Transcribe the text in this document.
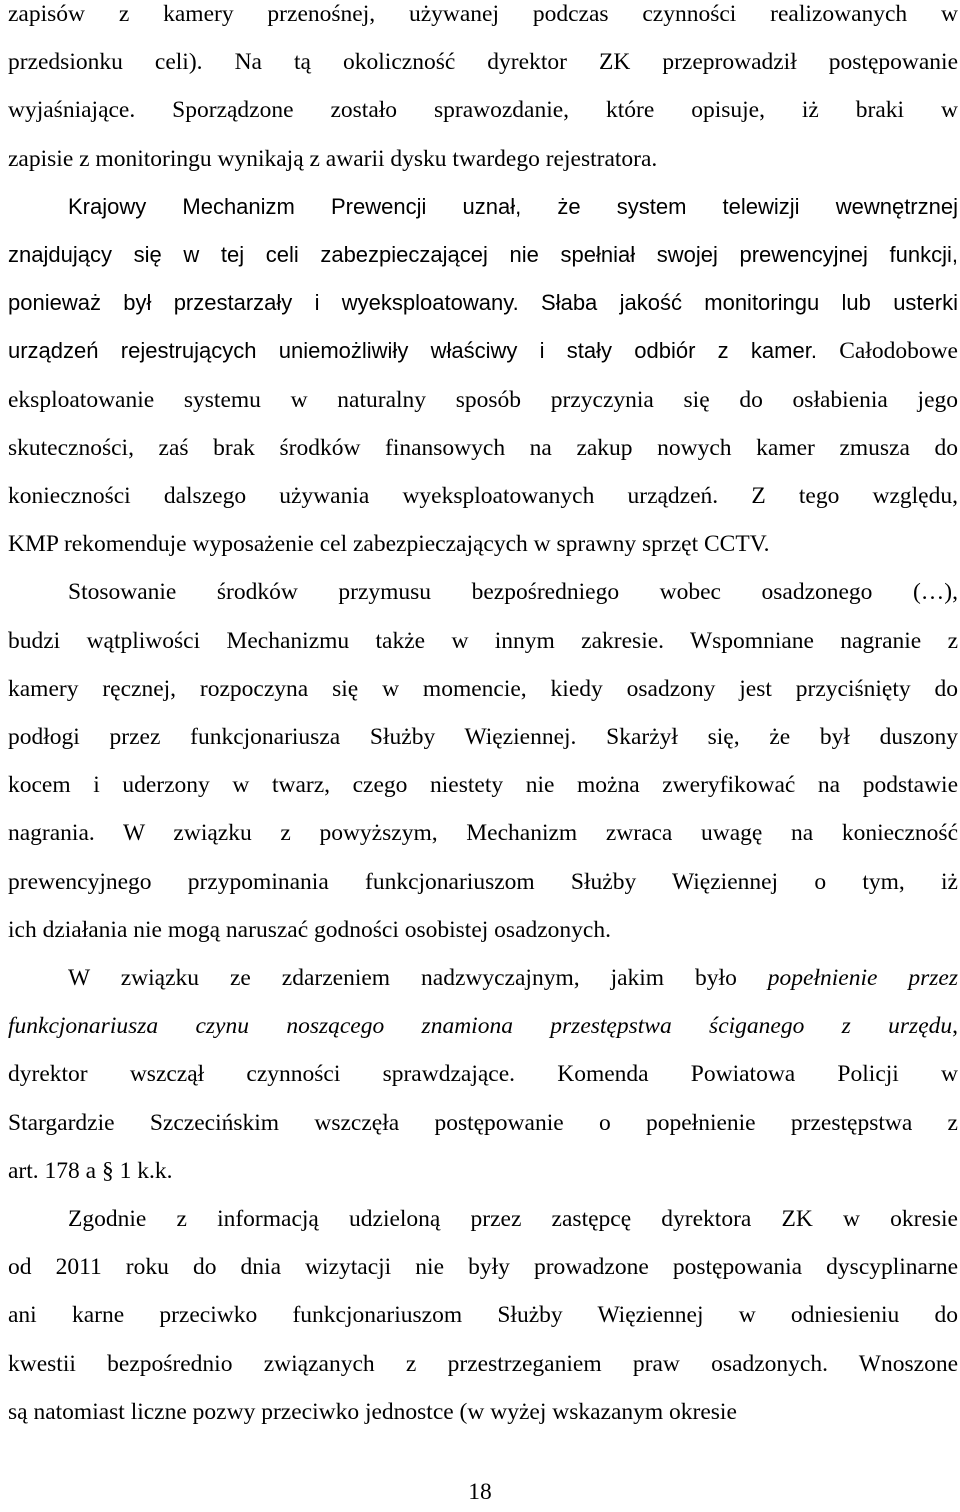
zapisów z kamery przenośnej, używanej podczas czynności realizowanych w
przedsionku celi). Na tą okoliczność dyrektor ZK przeprowadził postępowanie
wyjaśniające. Sporządzone zostało sprawozdanie, które opisuje, iż braki w
zapisie z monitoringu wynikają z awarii dysku twardego rejestratora.
Krajowy Mechanizm Prewencji uznał, że system telewizji wewnętrznej
znajdujący się w tej celi zabezpieczającej nie spełniał swojej prewencyjnej funkcji,
ponieważ był przestarzały i wyeksploatowany. Słaba jakość monitoringu lub usterki
urządzeń rejestrujących uniemożliwiły właściwy i stały odbiór z kamer. Całodobowe
eksploatowanie systemu w naturalny sposób przyczynia się do osłabienia jego
skuteczności, zaś brak środków finansowych na zakup nowych kamer zmusza do
konieczności dalszego używania wyeksploatowanych urządzeń. Z tego względu,
KMP rekomenduje wyposażenie cel zabezpieczających w sprawny sprzęt CCTV.
Stosowanie środków przymusu bezpośredniego wobec osadzonego (…),
budzi wątpliwości Mechanizmu także w innym zakresie. Wspomniane nagranie z
kamery ręcznej, rozpoczyna się w momencie, kiedy osadzony jest przyciśnięty do
podłogi przez funkcjonariusza Służby Więziennej. Skarżył się, że był duszony
kocem i uderzony w twarz, czego niestety nie można zweryfikować na podstawie
nagrania. W związku z powyższym, Mechanizm zwraca uwagę na konieczność
prewencyjnego przypominania funkcjonariuszom Służby Więziennej o tym, iż
ich działania nie mogą naruszać godności osobistej osadzonych.
W związku ze zdarzeniem nadzwyczajnym, jakim było popełnienie przez
funkcjonariusza czynu noszącego znamiona przestępstwa ściganego z urzędu,
dyrektor wszczął czynności sprawdzające. Komenda Powiatowa Policji w
Stargardzie Szczecińskim wszczęła postępowanie o popełnienie przestępstwa z
art. 178 a § 1 k.k.
Zgodnie z informacją udzieloną przez zastępcę dyrektora ZK w okresie
od 2011 roku do dnia wizytacji nie były prowadzone postępowania dyscyplinarne
ani karne przeciwko funkcjonariuszom Służby Więziennej w odniesieniu do
kwestii bezpośrednio związanych z przestrzeganiem praw osadzonych. Wnoszone
są natomiast liczne pozwy przeciwko jednostce (w wyżej wskazanym okresie
18
